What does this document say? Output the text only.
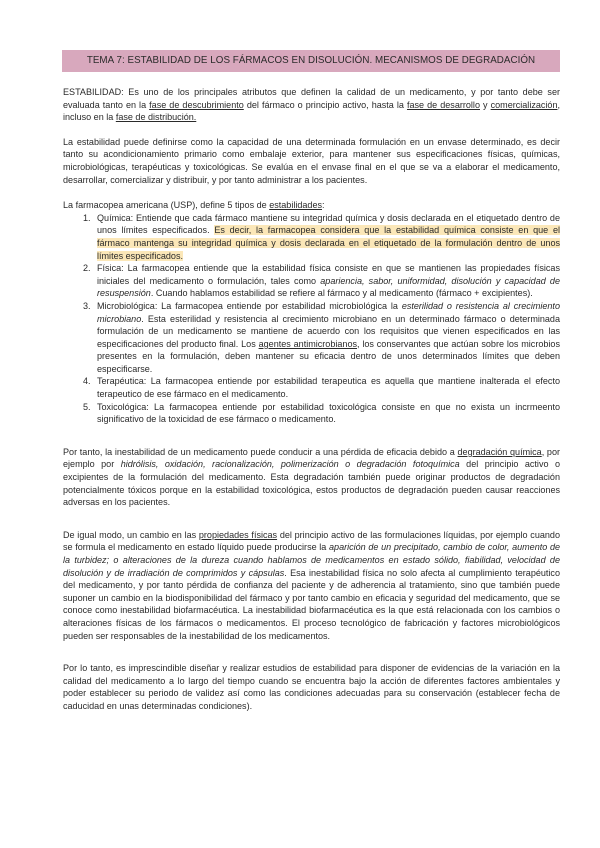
TEMA 7: ESTABILIDAD DE LOS FÁRMACOS EN DISOLUCIÓN. MECANISMOS DE DEGRADACIÓN

ESTABILIDAD: Es uno de los principales atributos que definen la calidad de un medicamento, y por tanto debe ser evaluada tanto en la fase de descubrimiento del fármaco o principio activo, hasta la fase de desarrollo y comercialización, incluso en la fase de distribución.

La estabilidad puede definirse como la capacidad de una determinada formulación en un envase determinado, es decir tanto su acondicionamiento primario como embalaje exterior, para mantener sus especificaciones físicas, químicas, microbiológicas, terapéuticas y toxicológicas. Se evalúa en el envase final en el que se va a elaborar el medicamento, desarrollar, comercializar y distribuir, y por tanto administrar a los pacientes.

La farmacopea americana (USP), define 5 tipos de estabilidades:

1. Química: Entiende que cada fármaco mantiene su integridad química y dosis declarada en el etiquetado dentro de unos límites especificados. Es decir, la farmacopea considera que la estabilidad química consiste en que el fármaco mantenga su integridad química y dosis declarada en el etiquetado de la formulación dentro de unos límites especificados.
2. Física: La farmacopea entiende que la estabilidad física consiste en que se mantienen las propiedades físicas iniciales del medicamento o formulación, tales como apariencia, sabor, uniformidad, disolución y capacidad de resuspensión. Cuando hablamos estabilidad se refiere al fármaco y al medicamento (fármaco + excipientes).
3. Microbiológica: La farmacopea entiende por estabilidad microbiológica la esterilidad o resistencia al crecimiento microbiano. Esta esterilidad y resistencia al crecimiento microbiano en un determinado fármaco o determinada formulación de un medicamento se mantiene de acuerdo con los requisitos que vienen especificados en las especificaciones del producto final. Los agentes antimicrobianos, los conservantes que actúan sobre los microbios presentes en la formulación, deben mantener su eficacia dentro de unos determinados límites que deben especificarse.
4. Terapéutica: La farmacopea entiende por estabilidad terapeutica es aquella que mantiene inalterada el efecto terapeutico de ese fármaco en el medicamento.
5. Toxicológica: La farmacopea entiende por estabilidad toxicológica consiste en que no exista un incrmeento significativo de la toxicidad de ese fármaco o medicamento.

Por tanto, la inestabilidad de un medicamento puede conducir a una pérdida de eficacia debido a degradación química, por ejemplo por hidrólisis, oxidación, racionalización, polimerización o degradación fotoquímica del principio activo o excipientes de la formulación del medicamento. Esta degradación también puede originar productos de degradación potencialmente tóxicos porque en la estabilidad toxicológica, estos productos de degradación pueden causar reacciones adversas en los pacientes.

De igual modo, un cambio en las propiedades físicas del principio activo de las formulaciones líquidas, por ejemplo cuando se formula el medicamento en estado líquido puede producirse la aparición de un precipitado, cambio de color, aumento de la turbidez; o alteraciones de la dureza cuando hablamos de medicamentos en estado sólido, fiabilidad, velocidad de disolución y de irradiación de comprimidos y cápsulas. Esa inestabilidad física no solo afecta al cumplimiento terapéutico del medicamento, y por tanto pérdida de confianza del paciente y de adherencia al tratamiento, sino que también puede suponer un cambio en la biodisponibilidad del fármaco y por tanto cambio en eficacia y seguridad del medicamento, que se conoce como inestabilidad biofarmacéutica. La inestabilidad biofarmacéutica es la que está relacionada con los cambios o alteraciones físicas de los fármacos o medicamentos. El proceso tecnológico de fabricación y factores microbiológicos pueden ser responsables de la inestabilidad de los medicamentos.

Por lo tanto, es imprescindible diseñar y realizar estudios de estabilidad para disponer de evidencias de la variación en la calidad del medicamento a lo largo del tiempo cuando se encuentra bajo la acción de diferentes factores ambientales y poder establecer su periodo de validez así como las condiciones adecuadas para su conservación (establecer fecha de caducidad en unas determinadas condiciones).
